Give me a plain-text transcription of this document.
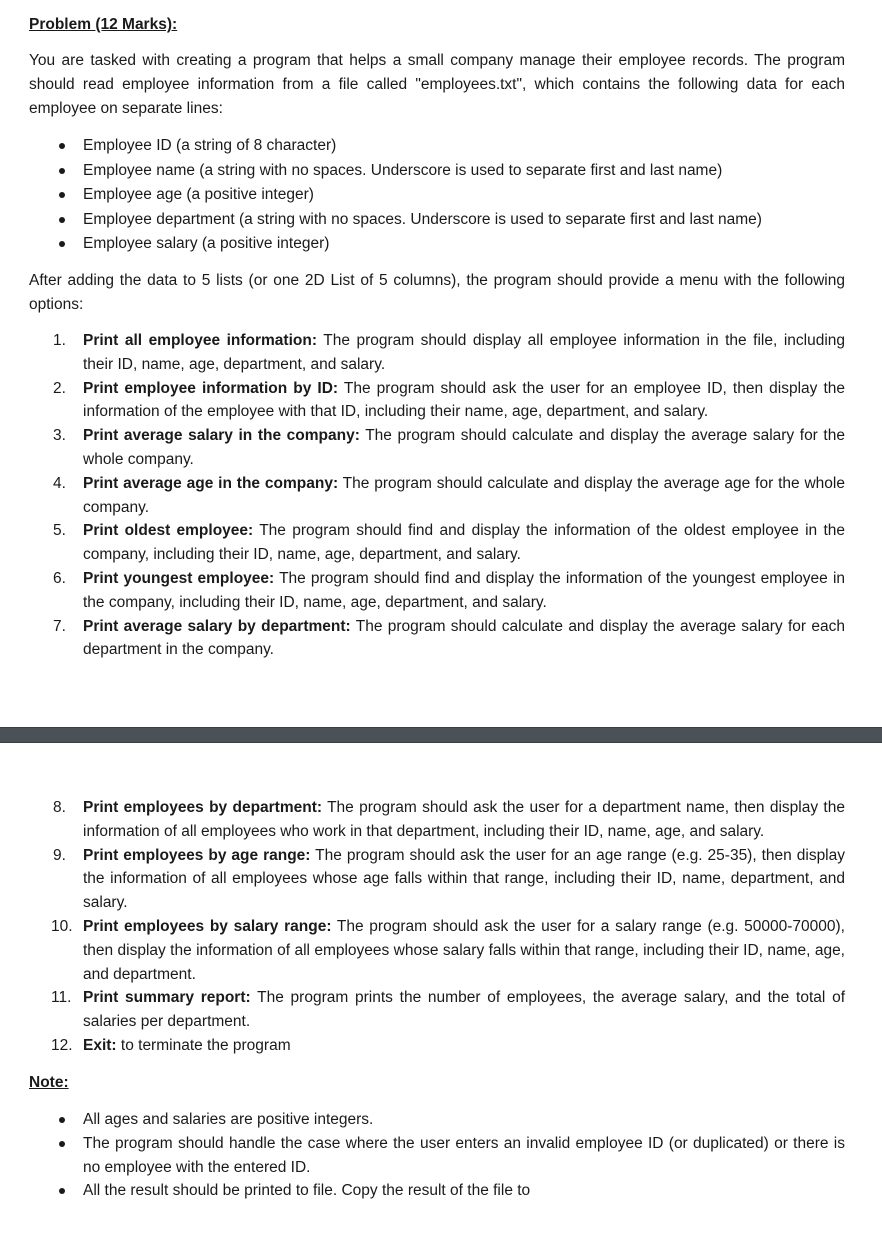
Problem (12 Marks):

You are tasked with creating a program that helps a small company manage their employee records. The program should read employee information from a file called "employees.txt", which contains the following data for each employee on separate lines:

Employee ID (a string of 8 character)
Employee name (a string with no spaces. Underscore is used to separate first and last name)
Employee age (a positive integer)
Employee department (a string with no spaces. Underscore is used to separate first and last name)
Employee salary (a positive integer)

After adding the data to 5 lists (or one 2D List of 5 columns), the program should provide a menu with the following options:

1.	Print all employee information: The program should display all employee information in the file, including their ID, name, age, department, and salary.
2.	Print employee information by ID: The program should ask the user for an employee ID, then display the information of the employee with that ID, including their name, age, department, and salary.
3.	Print average salary in the company: The program should calculate and display the average salary for the whole company.
4.	Print average age in the company: The program should calculate and display the average age for the whole company.
5.	Print oldest employee: The program should find and display the information of the oldest employee in the company, including their ID, name, age, department, and salary.
6.	Print youngest employee: The program should find and display the information of the youngest employee in the company, including their ID, name, age, department, and salary.
7.	Print average salary by department: The program should calculate and display the average salary for each department in the company.
8.	Print employees by department: The program should ask the user for a department name, then display the information of all employees who work in that department, including their ID, name, age, and salary.
9.	Print employees by age range: The program should ask the user for an age range (e.g. 25-35), then display the information of all employees whose age falls within that range, including their ID, name, department, and salary.
10. Print employees by salary range: The program should ask the user for a salary range (e.g. 50000-70000), then display the information of all employees whose salary falls within that range, including their ID, name, age, and department.
11. Print summary report: The program prints the number of employees, the average salary, and the total of salaries per department.
12. Exit: to terminate the program
Note:
All ages and salaries are positive integers.
The program should handle the case where the user enters an invalid employee ID (or duplicated) or there is no employee with the entered ID.
All the result should be printed to file. Copy the result of the file to
